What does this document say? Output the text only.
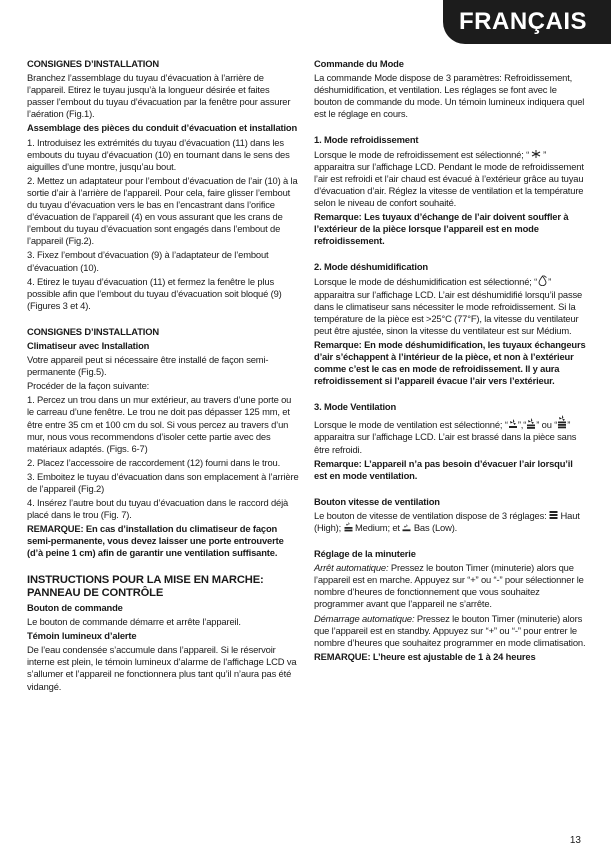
FRANÇAIS

CONSIGNES D’INSTALLATION

Branchez l’assemblage du tuyau d’évacuation à l’arrière de l’appareil. Etirez le tuyau jusqu’à la longueur désirée et faites passer l’embout du tuyau d’évacuation par la fenêtre pour assurer l’aération (Fig.1).

Assemblage des pièces du conduit d’évacuation et installation

1. Introduisez les extrémités du tuyau d’évacuation (11) dans les embouts du tuyau d’évacuation (10) en tournant dans le sens des aiguilles d’une montre, jusqu’au bout.

2. Mettez un adaptateur pour l’embout d’évacuation de l’air (10) à la sortie d’air à l’arrière de l’appareil. Pour cela, faire glisser l’embout du tuyau d’évacuation vers le bas en l’encastrant dans l’orifice d’évacuation de l’appareil (4) en vous assurant que les crans de l’embout du tuyau d’évacuation sont engagés dans l’embout de l’appareil (Fig.2).

3. Fixez l’embout d’évacuation (9) à l’adaptateur de l’embout d’évacuation (10).

4. Etirez le tuyau d’évacuation (11) et fermez la fenêtre le plus possible afin que l’embout du tuyau d’évacuation soit bloqué (9) (Figures 3 et 4).

CONSIGNES D’INSTALLATION

Climatiseur avec Installation

Votre appareil peut si nécessaire être installé de façon semi-permanente (Fig.5).

Procéder de la façon suivante:

1. Percez un trou dans un mur extérieur, au travers d’une porte ou le carreau d’une fenêtre. Le trou ne doit pas dépasser 125 mm, et être entre 35 cm et 100 cm du sol. Si vous percez au travers d’un mur, nous vous recommendons d’isoler cette partie avec des matériaux adaptés. (Figs. 6-7)

2. Placez l’accessoire de raccordement (12) fourni dans le trou.

3. Emboitez le tuyau d’évacuation dans son emplacement à l’arrière de l’appareil (Fig.2)

4. Insérez l’autre bout du tuyau d’évacuation dans le raccord déjà placé dans le trou (Fig. 7).

REMARQUE: En cas d’installation du climatiseur de façon semi-permanente, vous devez laisser une porte entrouverte (d’à peine 1 cm) afin de garantir une ventilation suffisante.

INSTRUCTIONS POUR LA MISE EN MARCHE: PANNEAU DE CONTRÔLE

Bouton de commande

Le bouton de commande démarre et arrête l’appareil.

Témoin lumineux d’alerte

De l’eau condensée s’accumule dans l’appareil. Si le réservoir interne est plein, le témoin lumineux d’alarme de l’affichage LCD va s’allumer et l’appareil ne fonctionnera plus tant qu’il n’aura pas été vidangé.

Commande du Mode

La commande Mode dispose de 3 paramètres: Refroidissement, déshumidification, et ventilation. Les réglages se font avec le bouton de commande du mode. Un témoin lumineux indiquera quel est le réglage en cours.

1. Mode refroidissement

Lorsque le mode de refroidissement est sélectionné; “ ” apparaitra sur l’affichage LCD. Pendant le mode de refroidissement l’air est refroidi et l’air chaud est évacué à l’extérieur grâce au tuyau d’évacuation d’air. Réglez la vitesse de ventilation et la température selon le niveau de confort souhaité.

Remarque: Les tuyaux d’échange de l’air doivent souffler à l’extérieur de la pièce lorsque l’appareil est en mode refroidissement.

2. Mode déshumidification

Lorsque le mode de déshumidification est sélectionné; “ ” apparaitra sur l’affichage LCD. L’air est déshumidifié lorsqu’il passe dans le climatiseur sans nécessiter le mode refroidissement. Si la température de la pièce est >25°C (77°F), la vitesse du ventilateur peut être ajustée, sinon la vitesse du ventilateur est sur Médium.

Remarque: En mode déshumidification, les tuyaux échangeurs d’air s’échappent à l’intérieur de la pièce, et non à l’extérieur comme c’est le cas en mode de refroidissement. Il y aura refroidissement si l’appareil évacue l’air vers l’extérieur.

3. Mode Ventilation

Lorsque le mode de ventilation est sélectionné; “ ”,“ ” ou “ ” apparaitra sur l’affichage LCD. L’air est brassé dans la pièce sans être refroidi.

Remarque: L’appareil n’a pas besoin d’évacuer l’air lorsqu’il est en mode ventilation.

Bouton vitesse de ventilation

Le bouton de vitesse de ventilation dispose de 3 réglages:  Haut (High);  Medium; et  Bas (Low).

Réglage de la minuterie

Arrêt automatique: Pressez le bouton Timer (minuterie) alors que l’appareil est en marche. Appuyez sur “+” ou “-” pour sélectionner le nombre d’heures de fonctionnement que vous souhaitez programmer avant que l’appareil ne s’arrête.

Démarrage automatique: Pressez le bouton Timer (minuterie) alors que l’appareil est en standby. Appuyez sur “+” ou “-” pour entrer le nombre d’heures que souhaitez programmer en mode climatisation.

REMARQUE: L’heure est ajustable de 1 à 24 heures

13
